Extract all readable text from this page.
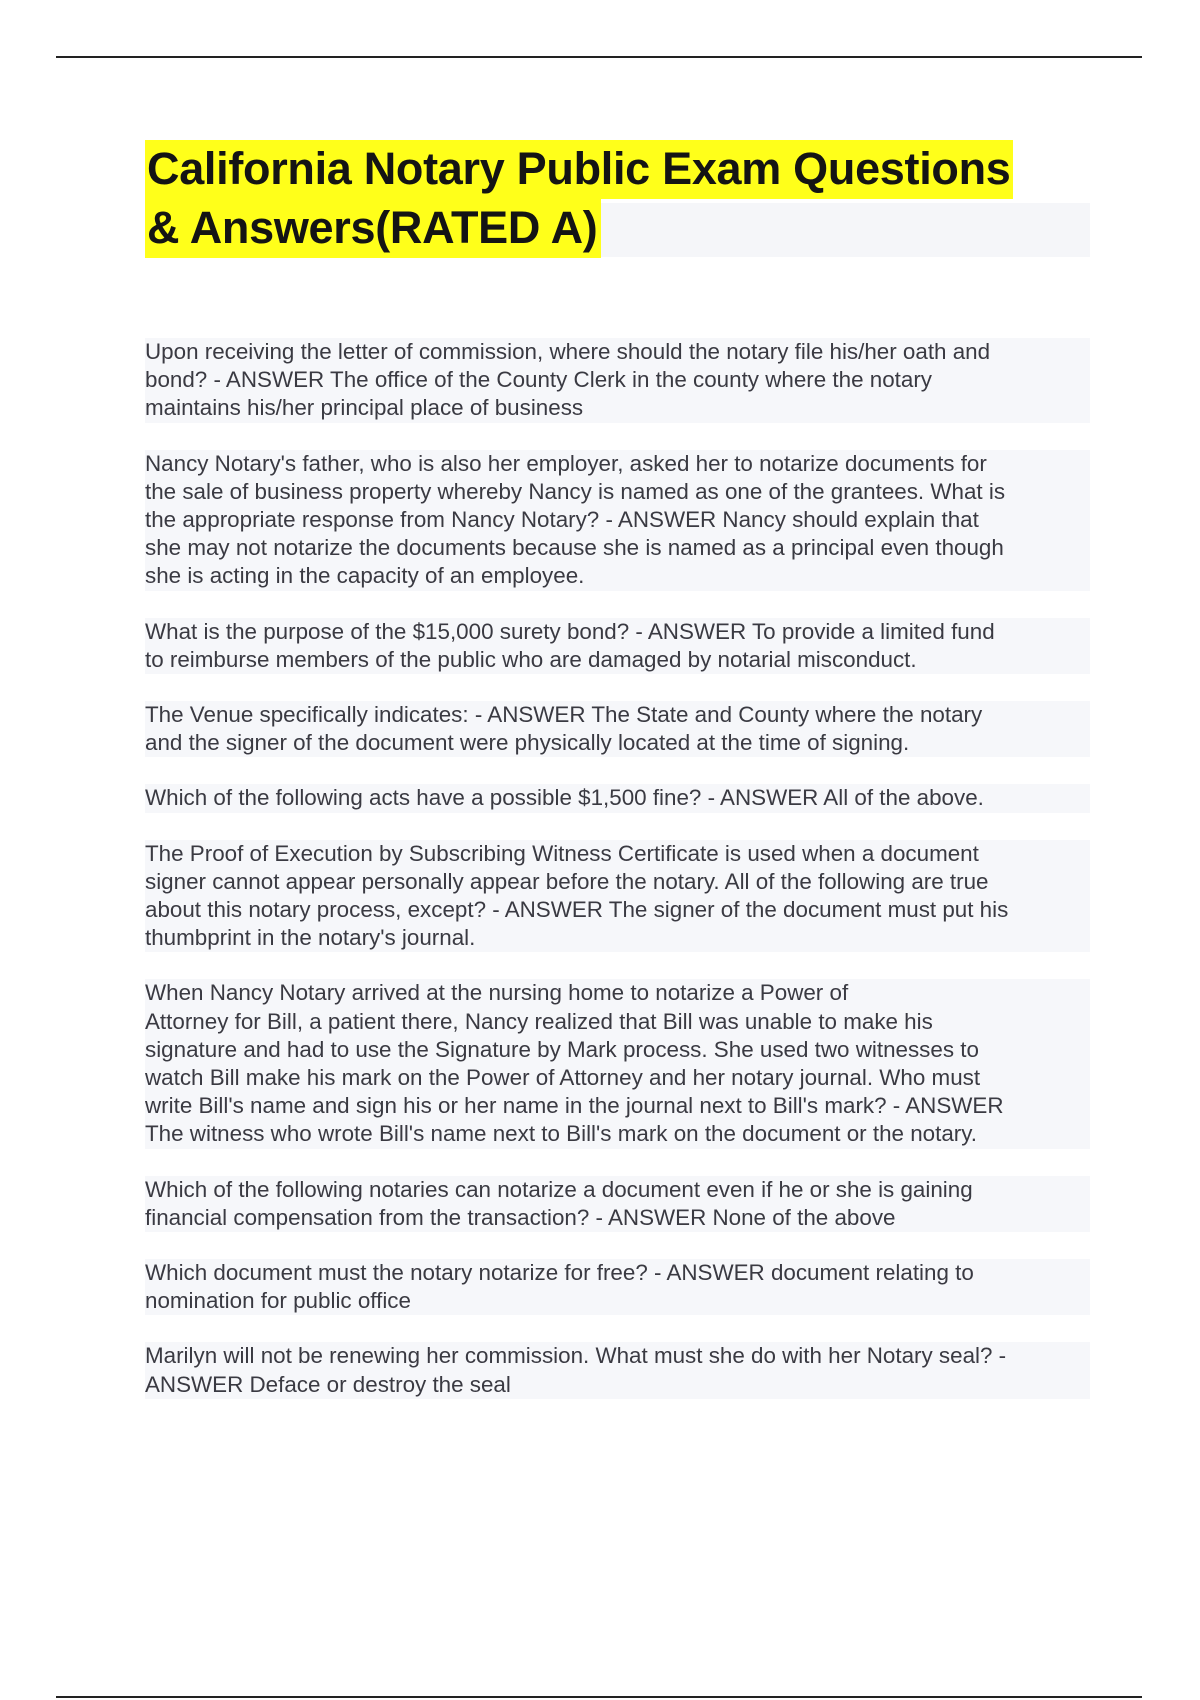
California Notary Public Exam Questions
& Answers(RATED A)

Upon receiving the letter of commission, where should the notary file his/her oath and
bond? - ANSWER The office of the County Clerk in the county where the notary
maintains his/her principal place of business

Nancy Notary's father, who is also her employer, asked her to notarize documents for
the sale of business property whereby Nancy is named as one of the grantees. What is
the appropriate response from Nancy Notary? - ANSWER Nancy should explain that
she may not notarize the documents because she is named as a principal even though
she is acting in the capacity of an employee.

What is the purpose of the $15,000 surety bond? - ANSWER To provide a limited fund
to reimburse members of the public who are damaged by notarial misconduct.

The Venue specifically indicates: - ANSWER The State and County where the notary
and the signer of the document were physically located at the time of signing.

Which of the following acts have a possible $1,500 fine? - ANSWER All of the above.

The Proof of Execution by Subscribing Witness Certificate is used when a document
signer cannot appear personally appear before the notary. All of the following are true
about this notary process, except? - ANSWER The signer of the document must put his
thumbprint in the notary's journal.

When Nancy Notary arrived at the nursing home to notarize a Power of
Attorney for Bill, a patient there, Nancy realized that Bill was unable to make his
signature and had to use the Signature by Mark process. She used two witnesses to
watch Bill make his mark on the Power of Attorney and her notary journal. Who must
write Bill's name and sign his or her name in the journal next to Bill's mark? - ANSWER
The witness who wrote Bill's name next to Bill's mark on the document or the notary.

Which of the following notaries can notarize a document even if he or she is gaining
financial compensation from the transaction? - ANSWER None of the above

Which document must the notary notarize for free? - ANSWER document relating to
nomination for public office

Marilyn will not be renewing her commission. What must she do with her Notary seal? -
ANSWER Deface or destroy the seal
